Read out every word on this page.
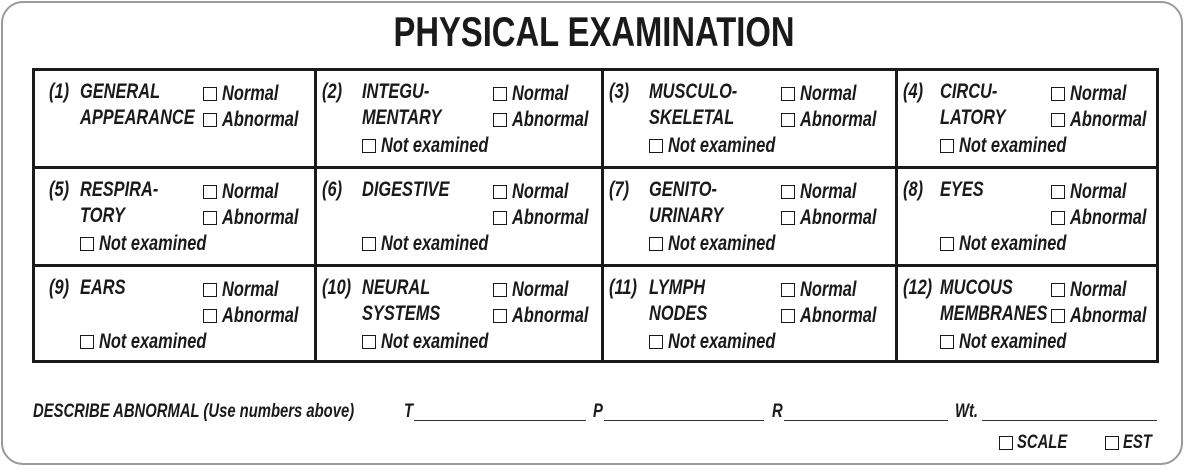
PHYSICAL EXAMINATION
(1) GENERAL
APPEARANCE
Normal
Abnormal
(2) INTEGU-
MENTARY
Normal
Abnormal
Not examined
(3) MUSCULO-
SKELETAL
Normal
Abnormal
Not examined
(4) CIRCU-
LATORY
Normal
Abnormal
Not examined
(5) RESPIRA-
TORY
Normal
Abnormal
Not examined
(6) DIGESTIVE	Normal
Abnormal
Not examined
(7) GENITO-
URINARY
Normal
Abnormal
Not examined
(8) EYES	Normal
Abnormal
Not examined
(9) EARS	Normal
Abnormal
Not examined
(10) NEURAL
SYSTEMS
Normal
Abnormal
Not examined
(11) LYMPH
NODES
Normal
Abnormal
Not examined
(12) MUCOUS
MEMBRANES
Normal
Abnormal
Not examined
DESCRIBE ABNORMAL (Use numbers above)	T	P	R	Wt.
SCALE	EST
